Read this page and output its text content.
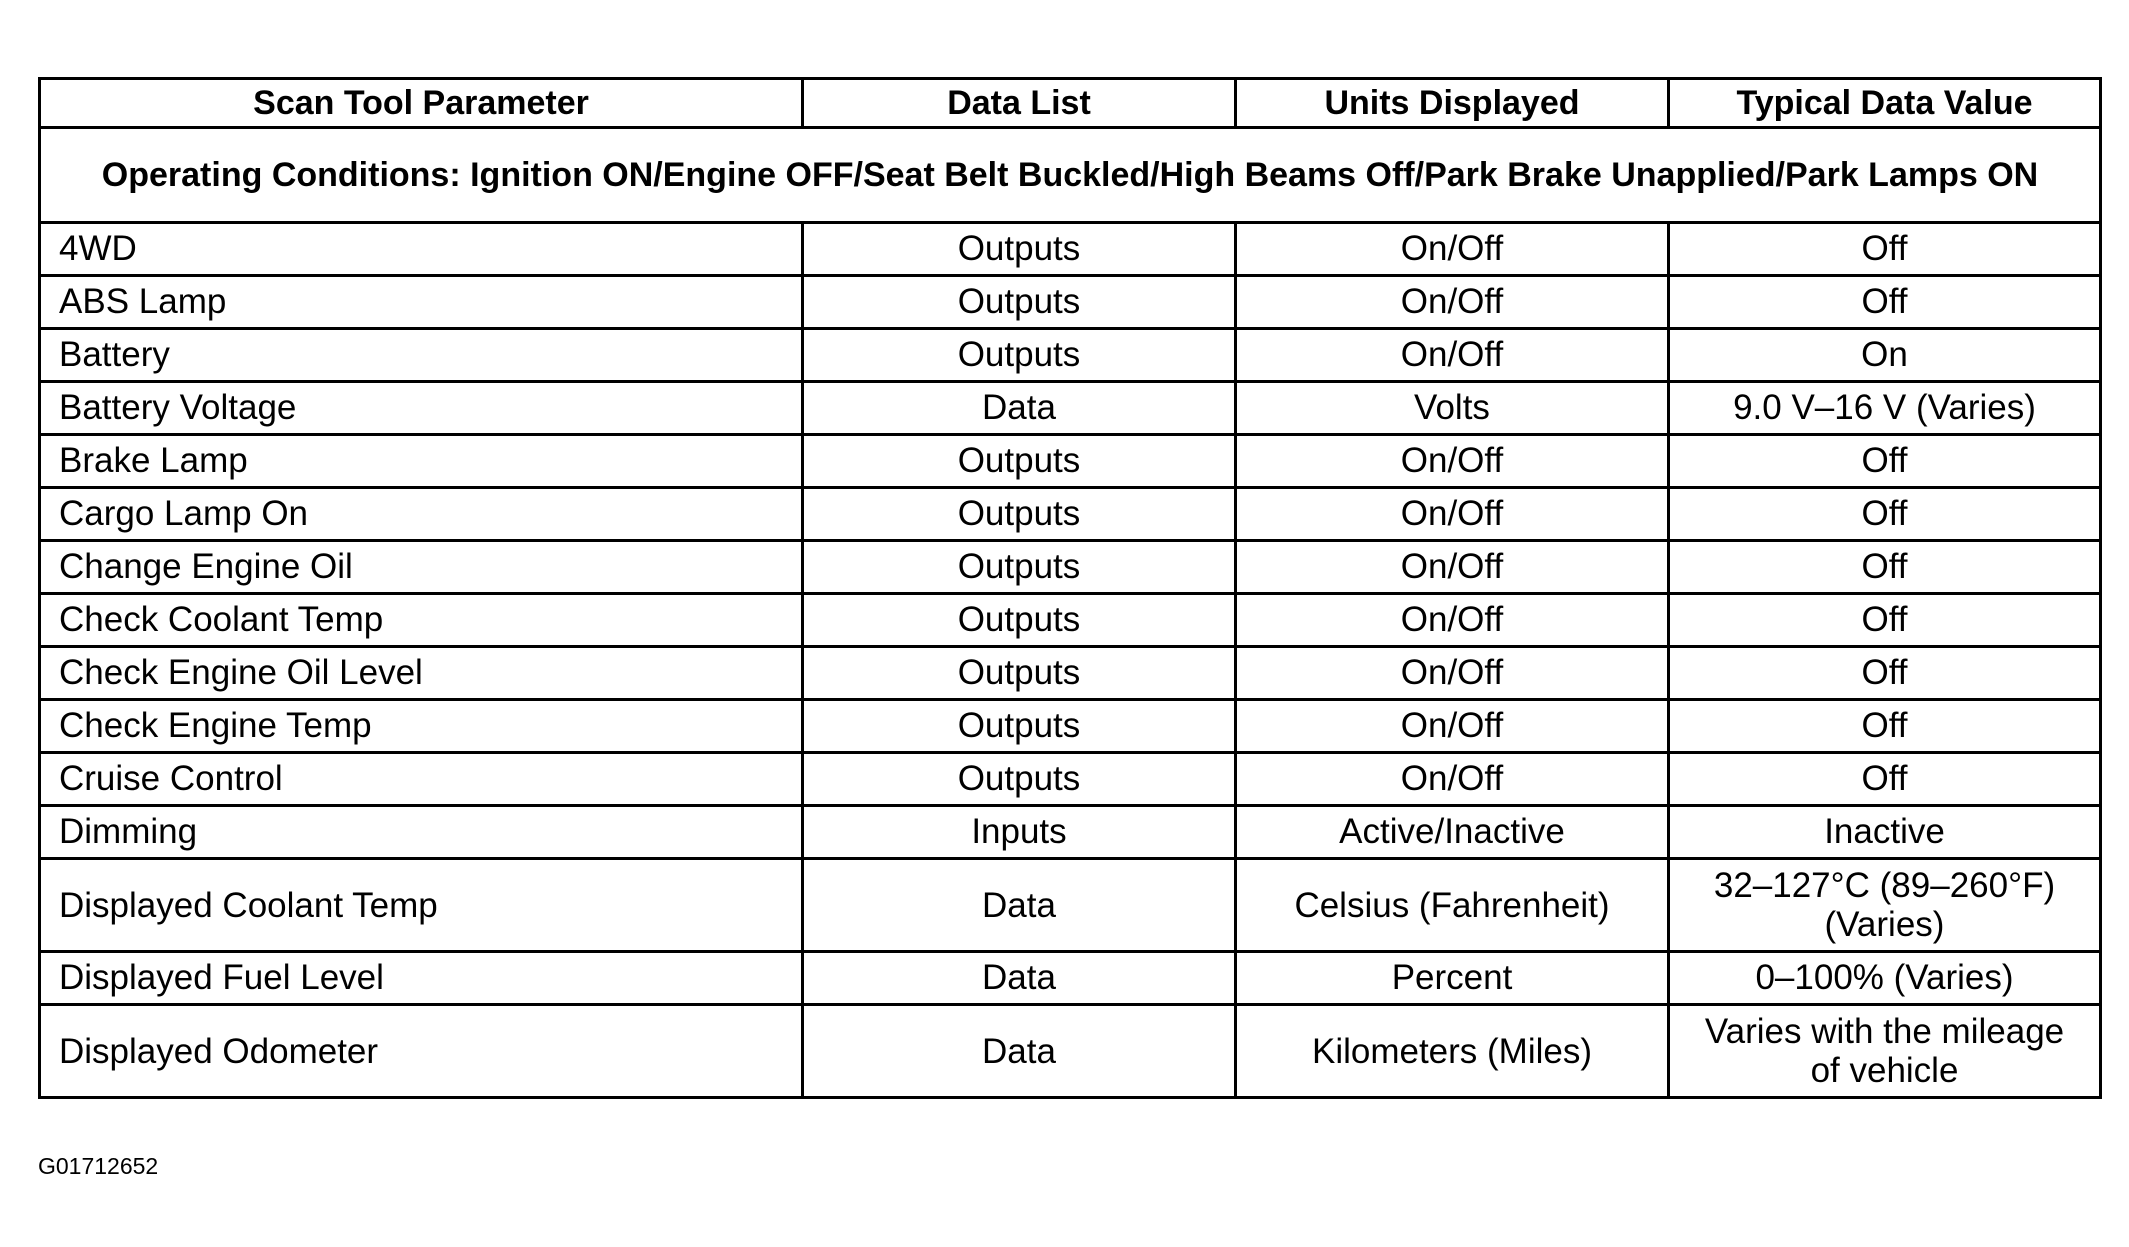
Scan Tool Parameter	Data List	Units Displayed	Typical Data Value
Operating Conditions: Ignition ON/Engine OFF/Seat Belt Buckled/High Beams Off/Park Brake Unapplied/Park Lamps ON			
4WD	Outputs	On/Off	Off
ABS Lamp	Outputs	On/Off	Off
Battery	Outputs	On/Off	On
Battery Voltage	Data	Volts	9.0 V–16 V (Varies)
Brake Lamp	Outputs	On/Off	Off
Cargo Lamp On	Outputs	On/Off	Off
Change Engine Oil	Outputs	On/Off	Off
Check Coolant Temp	Outputs	On/Off	Off
Check Engine Oil Level	Outputs	On/Off	Off
Check Engine Temp	Outputs	On/Off	Off
Cruise Control	Outputs	On/Off	Off
Dimming	Inputs	Active/Inactive	Inactive
Displayed Coolant Temp	Data	Celsius (Fahrenheit)	32–127°C (89–260°F) (Varies)
Displayed Fuel Level	Data	Percent	0–100% (Varies)
Displayed Odometer	Data	Kilometers (Miles)	Varies with the mileage of vehicle
G01712652
